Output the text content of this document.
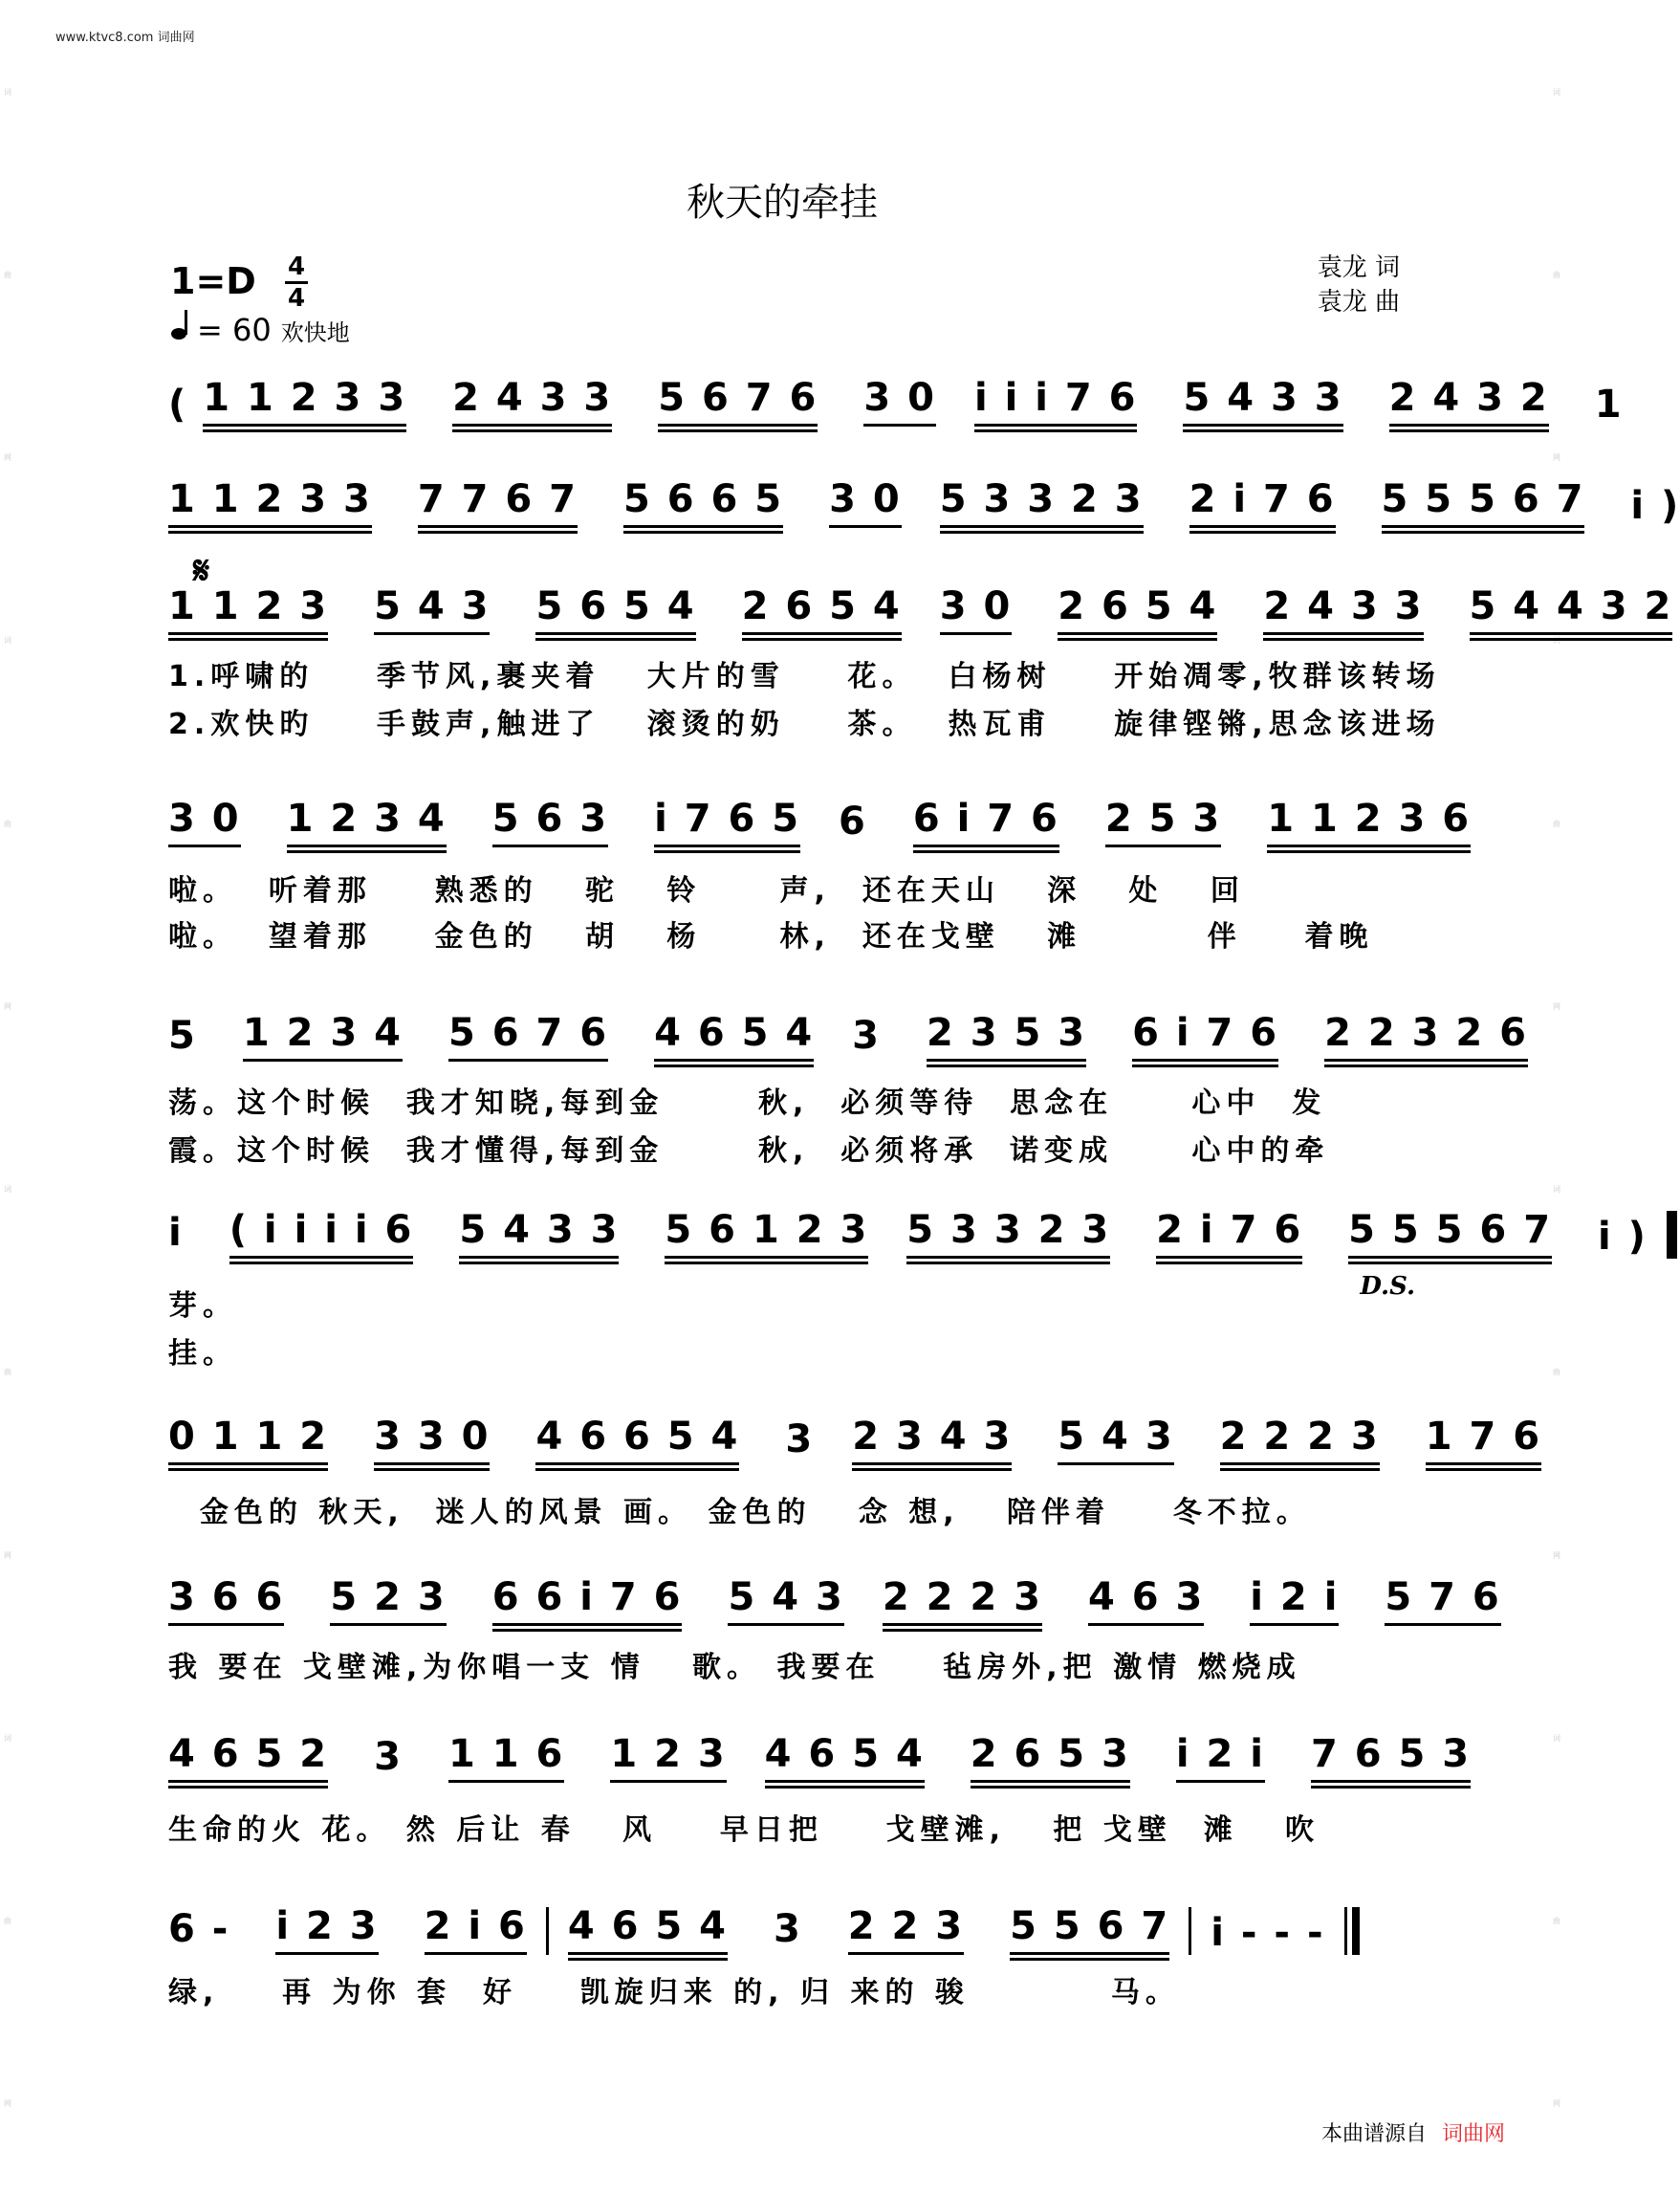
www.ktvc8.com 词曲网
词
曲
网
词
曲
网
词
曲
网
词
曲
网
词
曲
网
词
曲
网
词
曲
网
词
曲
网
秋天的牵挂
1=D 4
4
= 60 欢快地
袁龙 词
袁龙 曲
( 1 1 2 3 3 2 4 3 3 5 6 7 6 3 0 i i i 7 6 5 4 3 3 2 4 3 2 1
1 1 2 3 3 7 7 6 7 5 6 6 5 3 0 5 3 3 2 3 2 i 7 6 5 5 5 6 7 i )
𝄋
1 1 2 3 5 4 3 5 6 5 4 2 6 5 4 3 0 2 6 5 4 2 4 3 3 5 4 4 3 2
1.呼啸的    季节风,裹夹着   大片的雪    花。  白杨树    开始凋零,牧群该转场
2.欢快旳    手鼓声,触进了   滚烫的奶    茶。  热瓦甫    旋律铿锵,思念该进场
3 0 1 2 3 4 5 6 3 i 7 6 5 6 6 i 7 6 2 5 3 1 1 2 3 6
啦。  听着那    熟悉的   驼   铃     声,  还在天山   深   处   回
啦。  望着那    金色的   胡   杨     林,  还在戈壁   滩        伴    着晚
5 1 2 3 4 5 6 7 6 4 6 5 4 3 2 3 5 3 6 i 7 6 2 2 3 2 6
荡。这个时候  我才知晓,每到金      秋,  必须等待  思念在     心中  发
霞。这个时候  我才懂得,每到金      秋,  必须将承  诺变成     心中的牵
i ( i i i i 6 5 4 3 3 5 6 1 2 3 5 3 3 2 3 2 i 7 6 5 5 5 6 7 i )
D.S.
芽。
挂。
0 1 1 2 3 3 0 4 6 6 5 4 3 2 3 4 3 5 4 3 2 2 2 3 1 7 6
金色的 秋天,  迷人的风景 画。 金色的   念 想,   陪伴着    冬不拉。
3 6 6 5 2 3 6 6 i 7 6 5 4 3 2 2 2 3 4 6 3 i 2 i 5 7 6
我 要在 戈壁滩,为你唱一支 情   歌。 我要在    毡房外,把 激情 燃烧成
4 6 5 2 3 1 1 6 1 2 3 4 6 5 4 2 6 5 3 i 2 i 7 6 5 3
生命的火 花。 然 后让 春   风    早日把    戈壁滩,   把 戈壁  滩   吹
6 - i 2 3 2 i 6 4 6 5 4 3 2 2 3 5 5 6 7 i - - -
绿,    再 为你 套  好    凯旋归来 的, 归 来的 骏         马。
本曲谱源自 词曲网
